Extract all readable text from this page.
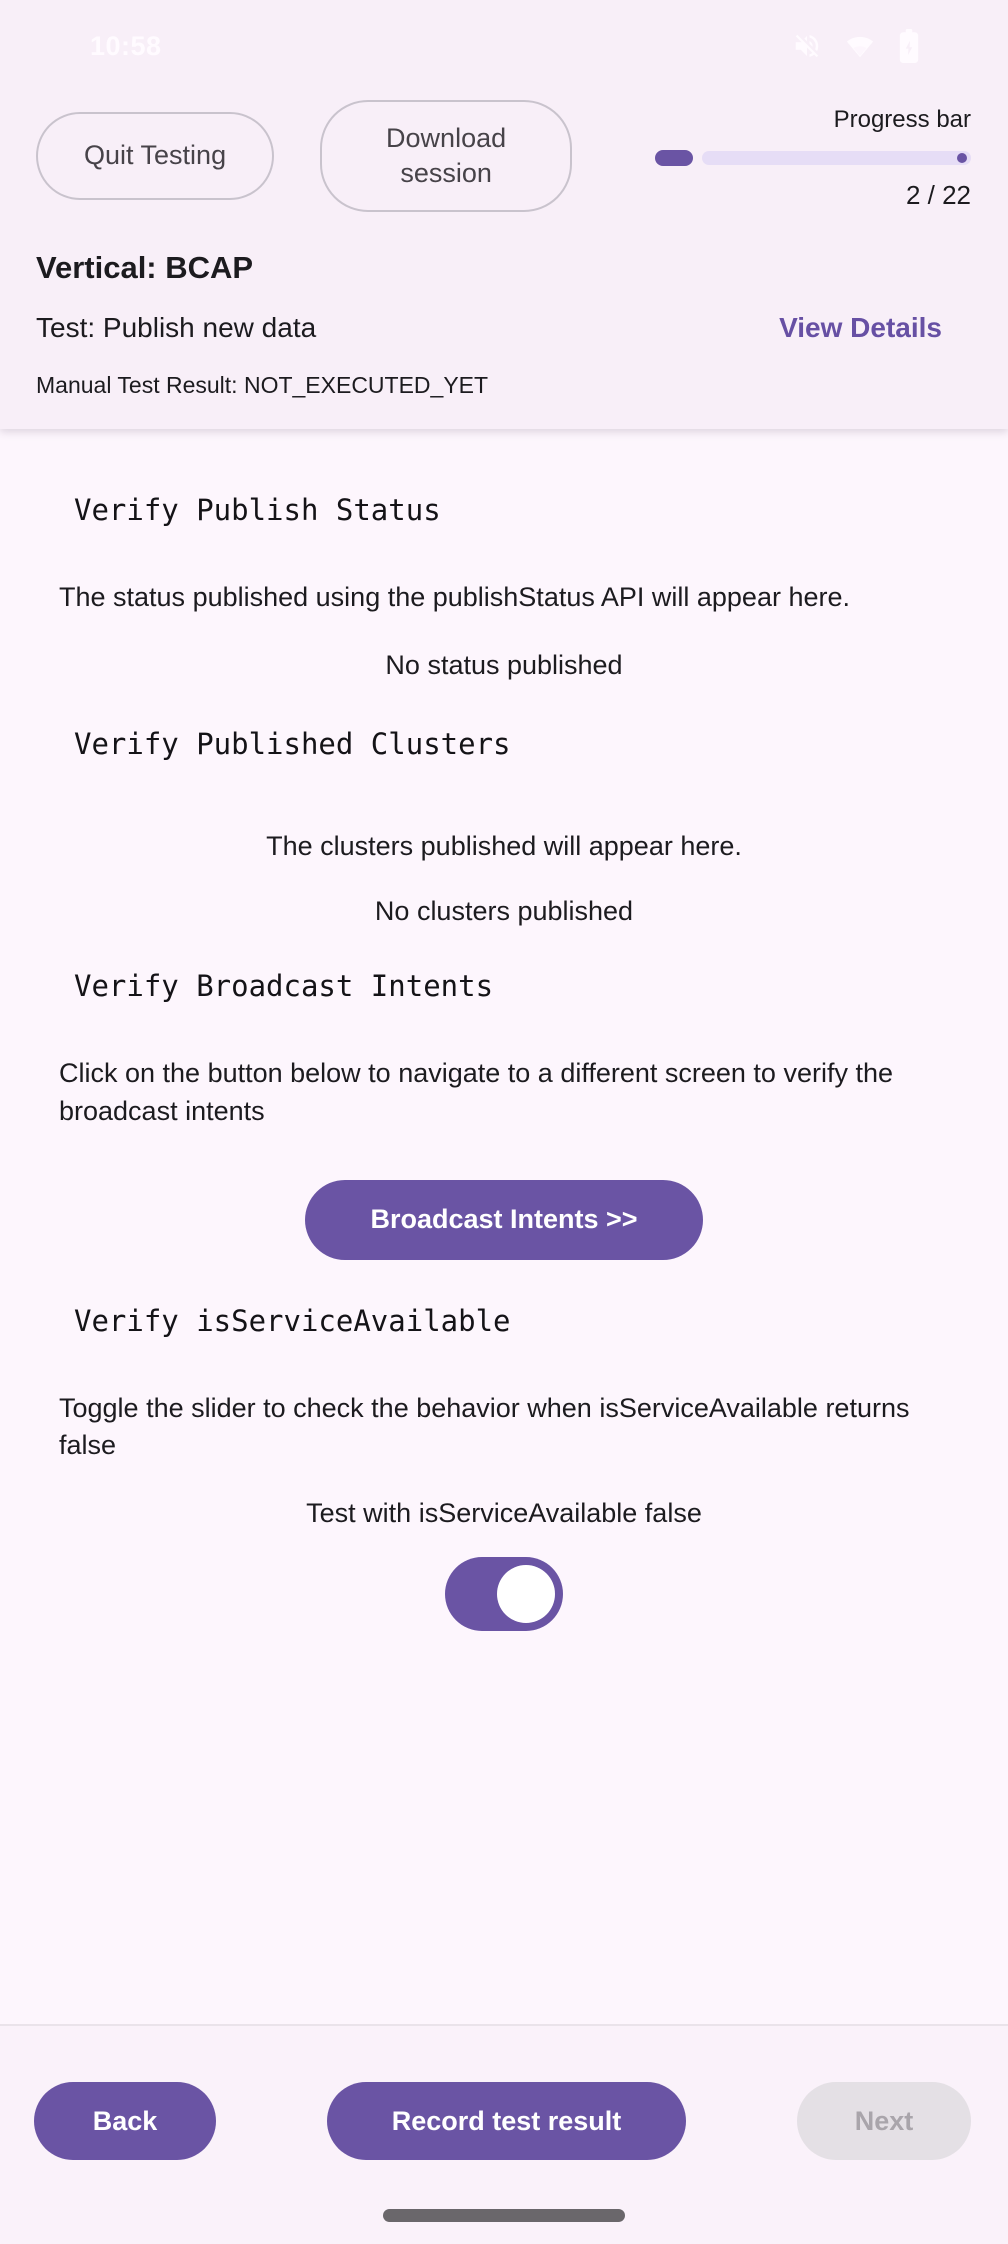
10:58
Quit Testing
Download session
Progress bar
2 / 22
Vertical: BCAP
Test: Publish new data	View Details
Manual Test Result: NOT_EXECUTED_YET
Verify Publish Status
The status published using the publishStatus API will appear here.
No status published
Verify Published Clusters
The clusters published will appear here.
No clusters published
Verify Broadcast Intents
Click on the button below to navigate to a different screen to verify the broadcast intents
Broadcast Intents >>
Verify isServiceAvailable
Toggle the slider to check the behavior when isServiceAvailable returns false
Test with isServiceAvailable false
Back	Record test result	Next
